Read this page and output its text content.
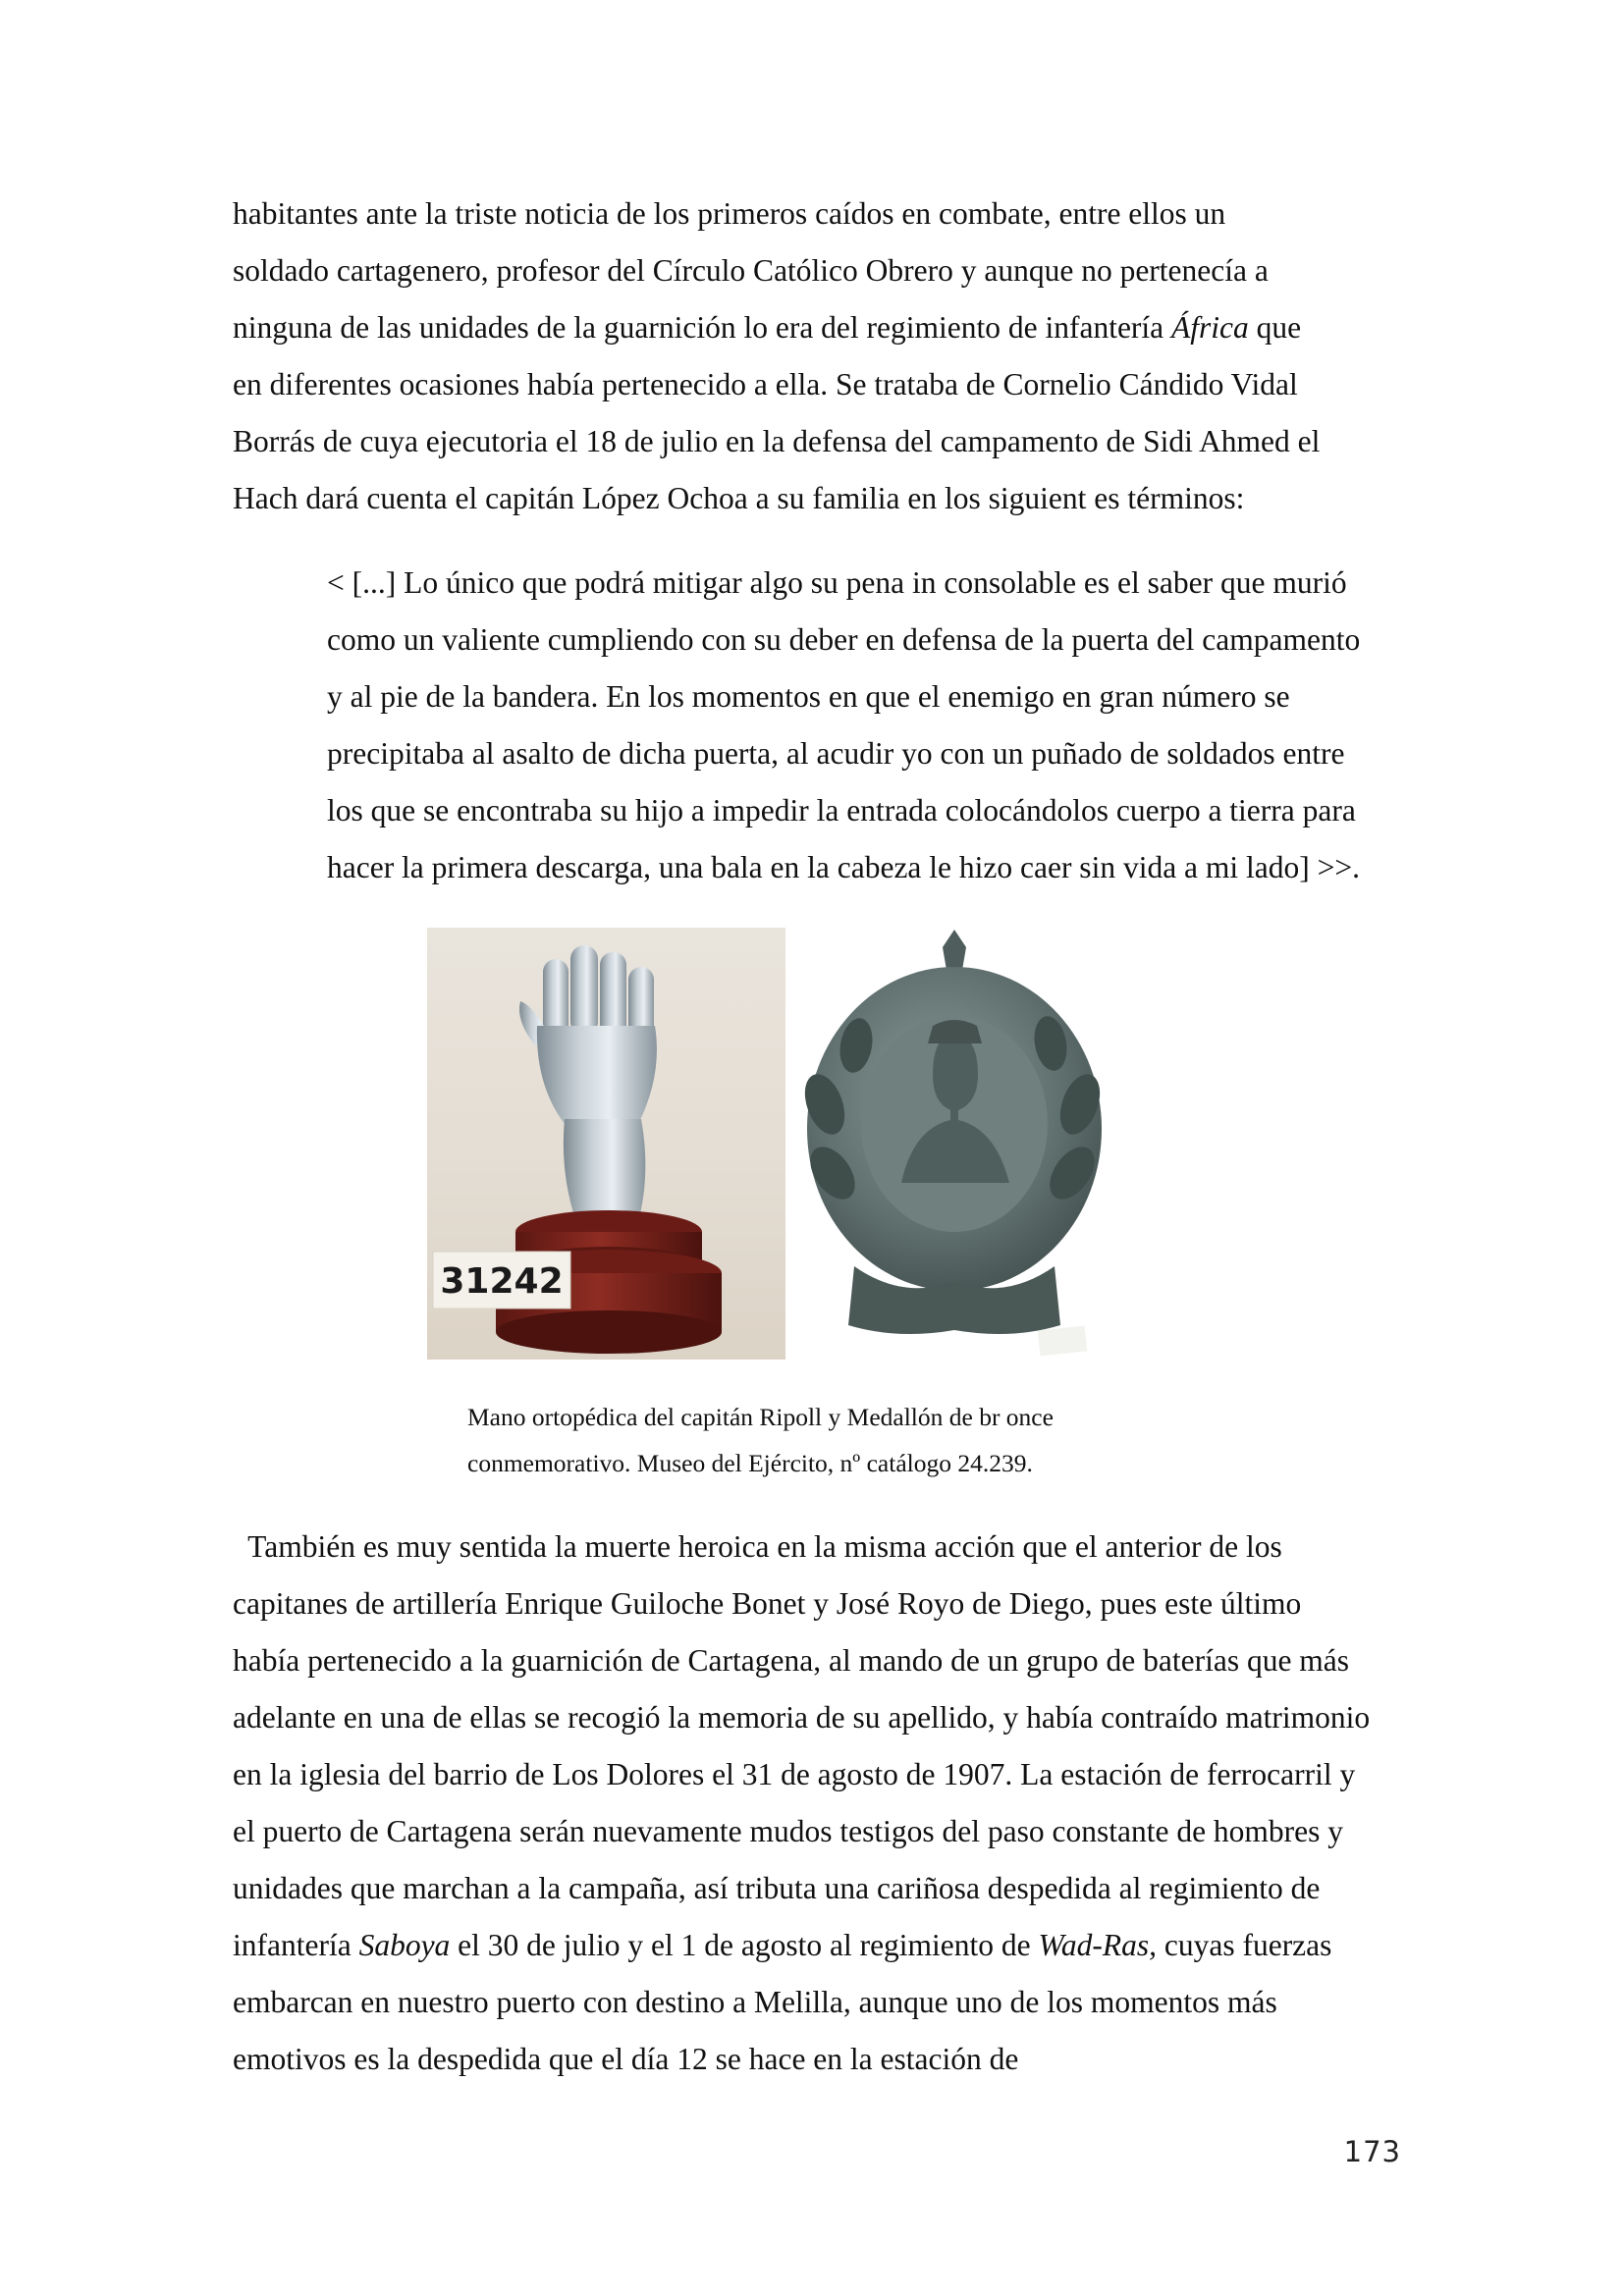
habitantes ante la triste noticia de los primeros caídos en combate, entre ellos un
soldado cartagenero, profesor del Círculo Católico Obrero y aunque no pertenecía a
ninguna de las unidades de la guarnición lo era del regimiento de infantería África que
en diferentes ocasiones había pertenecido a ella. Se trataba de Cornelio Cándido Vidal
Borrás de cuya ejecutoria el 18 de julio en la defensa del campamento de Sidi Ahmed el
Hach dará cuenta el capitán López Ochoa a su familia en los siguient es términos:

< [...] Lo único que podrá mitigar algo su pena in consolable es el saber que murió
como un valiente cumpliendo con su deber en defensa de la puerta del campamento
y al pie de la bandera. En los momentos en que el enemigo en gran número se
precipitaba al asalto de dicha puerta, al acudir yo con un puñado de soldados entre
los que se encontraba su hijo a impedir la entrada colocándolos cuerpo a tierra para
hacer la primera descarga, una bala en la cabeza le hizo caer sin vida a mi lado] >>.

31242

Mano ortopédica del capitán Ripoll y Medallón de br once
conmemorativo. Museo del Ejército, nº catálogo 24.239.

También es muy sentida la muerte heroica en la misma acción que el anterior de los
capitanes de artillería Enrique Guiloche Bonet y José Royo de Diego, pues este último
había pertenecido a la guarnición de Cartagena, al mando de un grupo de baterías que más
adelante en una de ellas se recogió la memoria de su apellido, y había contraído matrimonio
en la iglesia del barrio de Los Dolores el 31 de agosto de 1907. La estación de ferrocarril y
el puerto de Cartagena serán nuevamente mudos testigos del paso constante de hombres y
unidades que marchan a la campaña, así tributa una cariñosa despedida al regimiento de
infantería Saboya el 30 de julio y el 1 de agosto al regimiento de Wad-Ras, cuyas fuerzas
embarcan en nuestro puerto con destino a Melilla, aunque uno de los momentos más
emotivos es la despedida que el día 12 se hace en la estación de

173
